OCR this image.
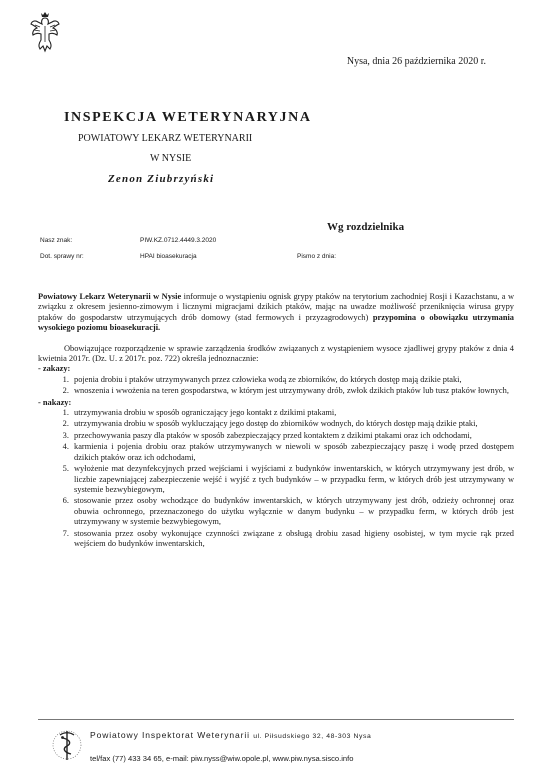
Nysa, dnia 26 października 2020 r.
INSPEKCJA WETERYNARYJNA
POWIATOWY LEKARZ WETERYNARII
W NYSIE
Zenon Ziubrzyński
Wg rozdzielnika
Nasz znak:	PIW.KZ.0712.4449.3.2020
Dot. sprawy nr:	HPAI bioasekuracja	Pismo z dnia:

Powiatowy Lekarz Weterynarii w Nysie informuje o wystąpieniu ognisk grypy ptaków na terytorium zachodniej Rosji i Kazachstanu, a w związku z okresem jesienno-zimowym i licznymi migracjami dzikich ptaków, mając na uwadze możliwość przeniknięcia wirusa grypy ptaków do gospodarstw utrzymujących drób domowy (stad fermowych i przyzagrodowych) przypomina o obowiązku utrzymania wysokiego poziomu bioasekuracji.

Obowiązujące rozporządzenie w sprawie zarządzenia środków związanych z wystąpieniem wysoce zjadliwej grypy ptaków z dnia 4 kwietnia 2017r. (Dz. U. z 2017r. poz. 722) określa jednoznacznie:

- zakazy:

1. pojenia drobiu i ptaków utrzymywanych przez człowieka wodą ze zbiorników, do których dostęp mają dzikie ptaki,
2. wnoszenia i wwożenia na teren gospodarstwa, w którym jest utrzymywany drób, zwłok dzikich ptaków lub tusz ptaków łownych,

- nakazy:

1. utrzymywania drobiu w sposób ograniczający jego kontakt z dzikimi ptakami,
2. utrzymywania drobiu w sposób wykluczający jego dostęp do zbiorników wodnych, do których dostęp mają dzikie ptaki,
3. przechowywania paszy dla ptaków w sposób zabezpieczający przed kontaktem z dzikimi ptakami oraz ich odchodami,
4. karmienia i pojenia drobiu oraz ptaków utrzymywanych w niewoli w sposób zabezpieczający paszę i wodę przed dostępem dzikich ptaków oraz ich odchodami,
5. wyłożenie mat dezynfekcyjnych przed wejściami i wyjściami z budynków inwentarskich, w których utrzymywany jest drób, w liczbie zapewniającej zabezpieczenie wejść i wyjść z tych budynków – w przypadku ferm, w których drób jest utrzymywany w systemie bezwybiegowym,
6. stosowanie przez osoby wchodzące do budynków inwentarskich, w których utrzymywany jest drób, odzieży ochronnej oraz obuwia ochronnego, przeznaczonego do użytku wyłącznie w danym budynku – w przypadku ferm, w których drób jest utrzymywany w systemie bezwybiegowym,
7. stosowania przez osoby wykonujące czynności związane z obsługą drobiu zasad higieny osobistej, w tym mycie rąk przed wejściem do budynków inwentarskich,
Powiatowy Inspektorat Weterynarii ul. Piłsudskiego 32, 48-303 Nysa
tel/fax (77) 433 34 65, e-mail: piw.nyss@wiw.opole.pl, www.piw.nysa.sisco.info
